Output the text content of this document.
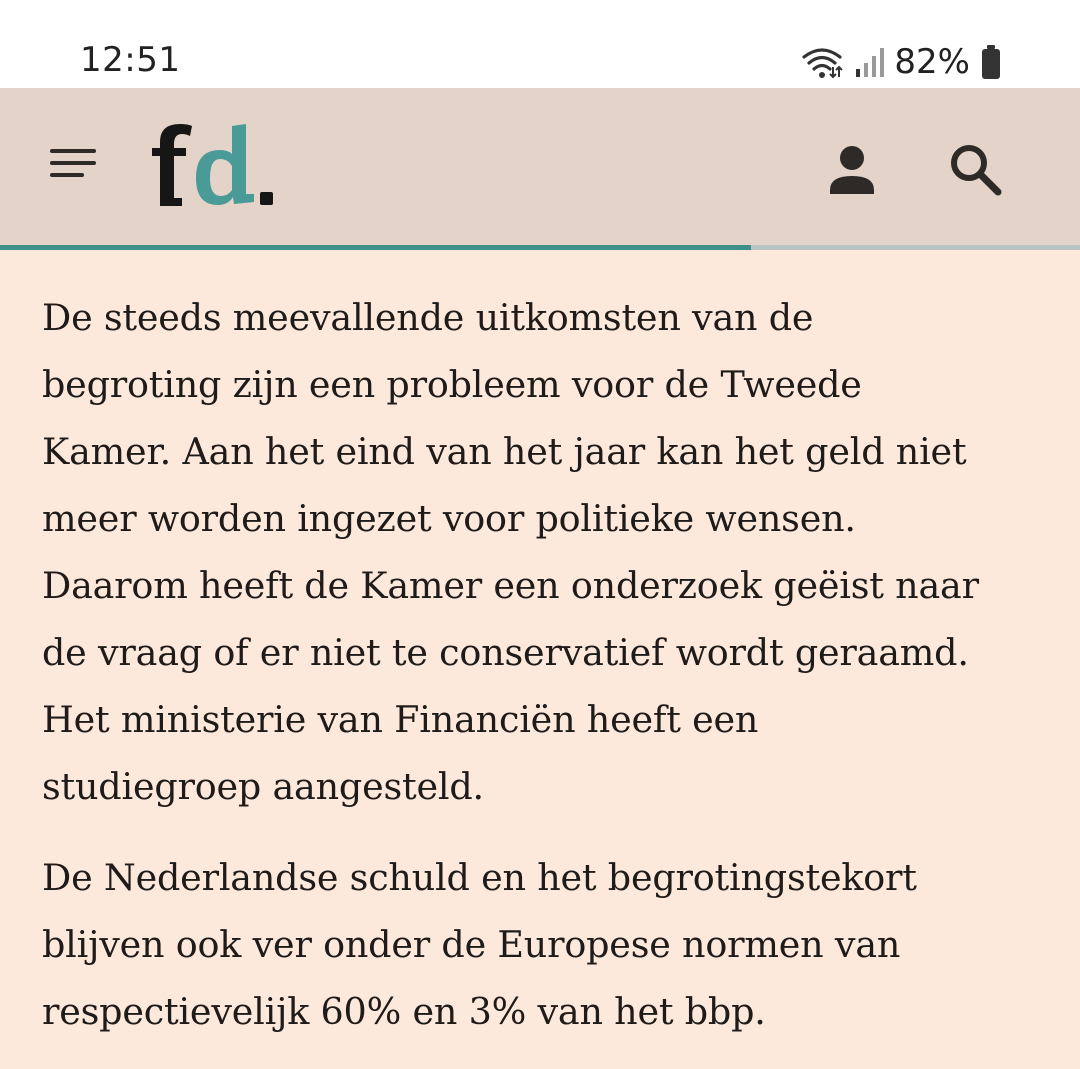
12:51	82%

De steeds meevallende uitkomsten van de
begroting zijn een probleem voor de Tweede
Kamer. Aan het eind van het jaar kan het geld niet
meer worden ingezet voor politieke wensen.
Daarom heeft de Kamer een onderzoek geëist naar
de vraag of er niet te conservatief wordt geraamd.
Het ministerie van Financiën heeft een
studiegroep aangesteld.

De Nederlandse schuld en het begrotingstekort
blijven ook ver onder de Europese normen van
respectievelijk 60% en 3% van het bbp.
